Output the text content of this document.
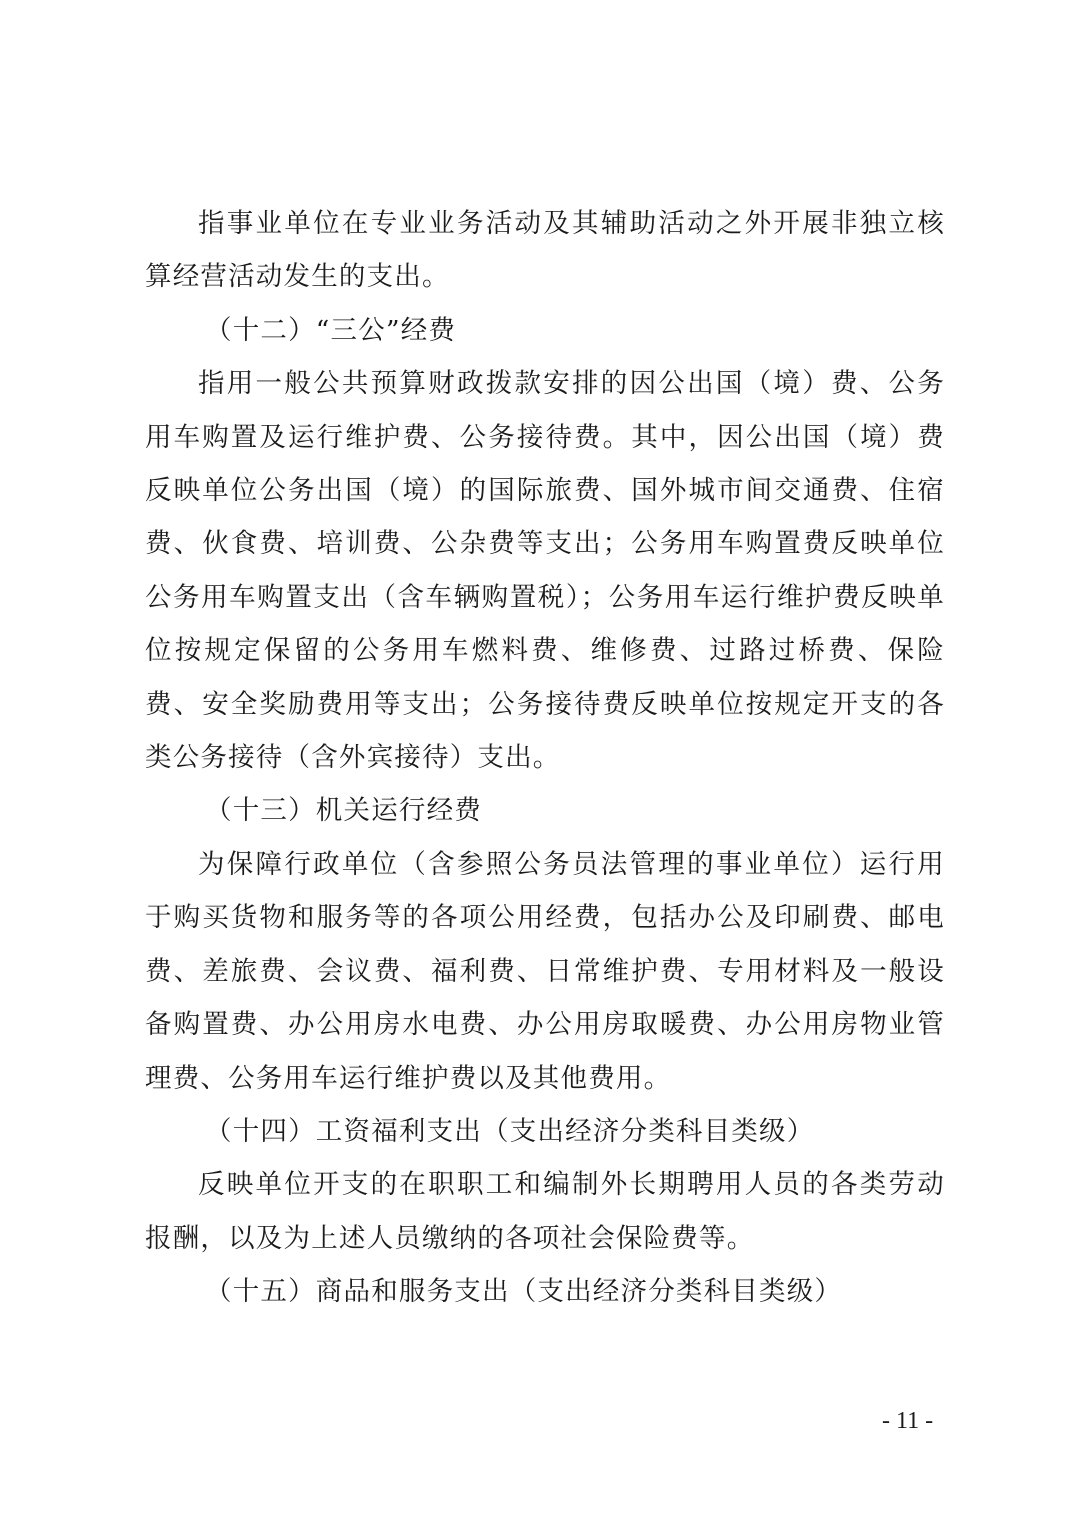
指事业单位在专业业务活动及其辅助活动之外开展非独立核算经营活动发生的支出。

（十二）“三公”经费

指用一般公共预算财政拨款安排的因公出国（境）费、公务用车购置及运行维护费、公务接待费。其中，因公出国（境）费反映单位公务出国（境）的国际旅费、国外城市间交通费、住宿费、伙食费、培训费、公杂费等支出；公务用车购置费反映单位公务用车购置支出（含车辆购置税）；公务用车运行维护费反映单位按规定保留的公务用车燃料费、维修费、过路过桥费、保险费、安全奖励费用等支出；公务接待费反映单位按规定开支的各类公务接待（含外宾接待）支出。

（十三）机关运行经费

为保障行政单位（含参照公务员法管理的事业单位）运行用于购买货物和服务等的各项公用经费，包括办公及印刷费、邮电费、差旅费、会议费、福利费、日常维护费、专用材料及一般设备购置费、办公用房水电费、办公用房取暖费、办公用房物业管理费、公务用车运行维护费以及其他费用。

（十四）工资福利支出（支出经济分类科目类级）

反映单位开支的在职职工和编制外长期聘用人员的各类劳动报酬，以及为上述人员缴纳的各项社会保险费等。

（十五）商品和服务支出（支出经济分类科目类级）

- 11 -
